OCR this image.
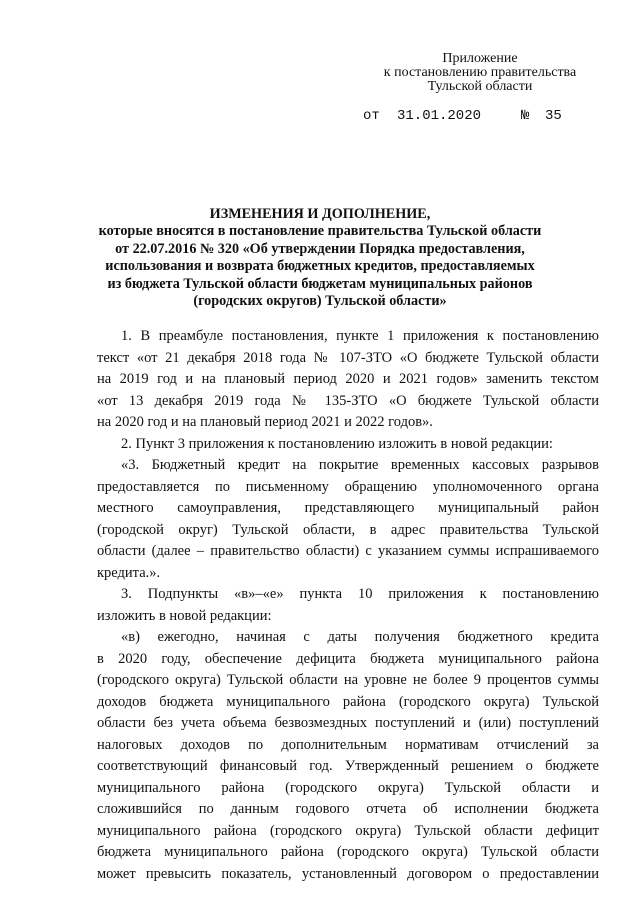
Приложение
к постановлению правительства
Тульской области

от

31.01.2020

	№

35

ИЗМЕНЕНИЯ И ДОПОЛНЕНИЕ,
которые вносятся в постановление правительства Тульской области
от 22.07.2016 № 320 «Об утверждении Порядка предоставления,
использования и возврата бюджетных кредитов, предоставляемых
из бюджета Тульской области бюджетам муниципальных районов
(городских округов) Тульской области»
1. В преамбуле постановления, пункте 1 приложения к постановлению
текст «от 21 декабря 2018 года № 107-ЗТО «О бюджете Тульской области
на 2019 год и на плановый период 2020 и 2021 годов» заменить текстом
«от 13 декабря 2019 года № 135-ЗТО «О бюджете Тульской области
на 2020 год и на плановый период 2021 и 2022 годов».
2. Пункт 3 приложения к постановлению изложить в новой редакции:
«3. Бюджетный кредит на покрытие временных кассовых разрывов
предоставляется по письменному обращению уполномоченного органа
местного самоуправления, представляющего муниципальный район
(городской округ) Тульской области, в адрес правительства Тульской
области (далее – правительство области) с указанием суммы испрашиваемого
кредита.».
3. Подпункты «в»–«е» пункта 10 приложения к постановлению
изложить в новой редакции:
«в) ежегодно, начиная с даты получения бюджетного кредита
в 2020 году, обеспечение дефицита бюджета муниципального района
(городского округа) Тульской области на уровне не более 9 процентов суммы
доходов бюджета муниципального района (городского округа) Тульской
области без учета объема безвозмездных поступлений и (или) поступлений
налоговых доходов по дополнительным нормативам отчислений за
соответствующий финансовый год. Утвержденный решением о бюджете
муниципального района (городского округа) Тульской области и
сложившийся по данным годового отчета об исполнении бюджета
муниципального района (городского округа) Тульской области дефицит
бюджета муниципального района (городского округа) Тульской области
может превысить показатель, установленный договором о предоставлении
